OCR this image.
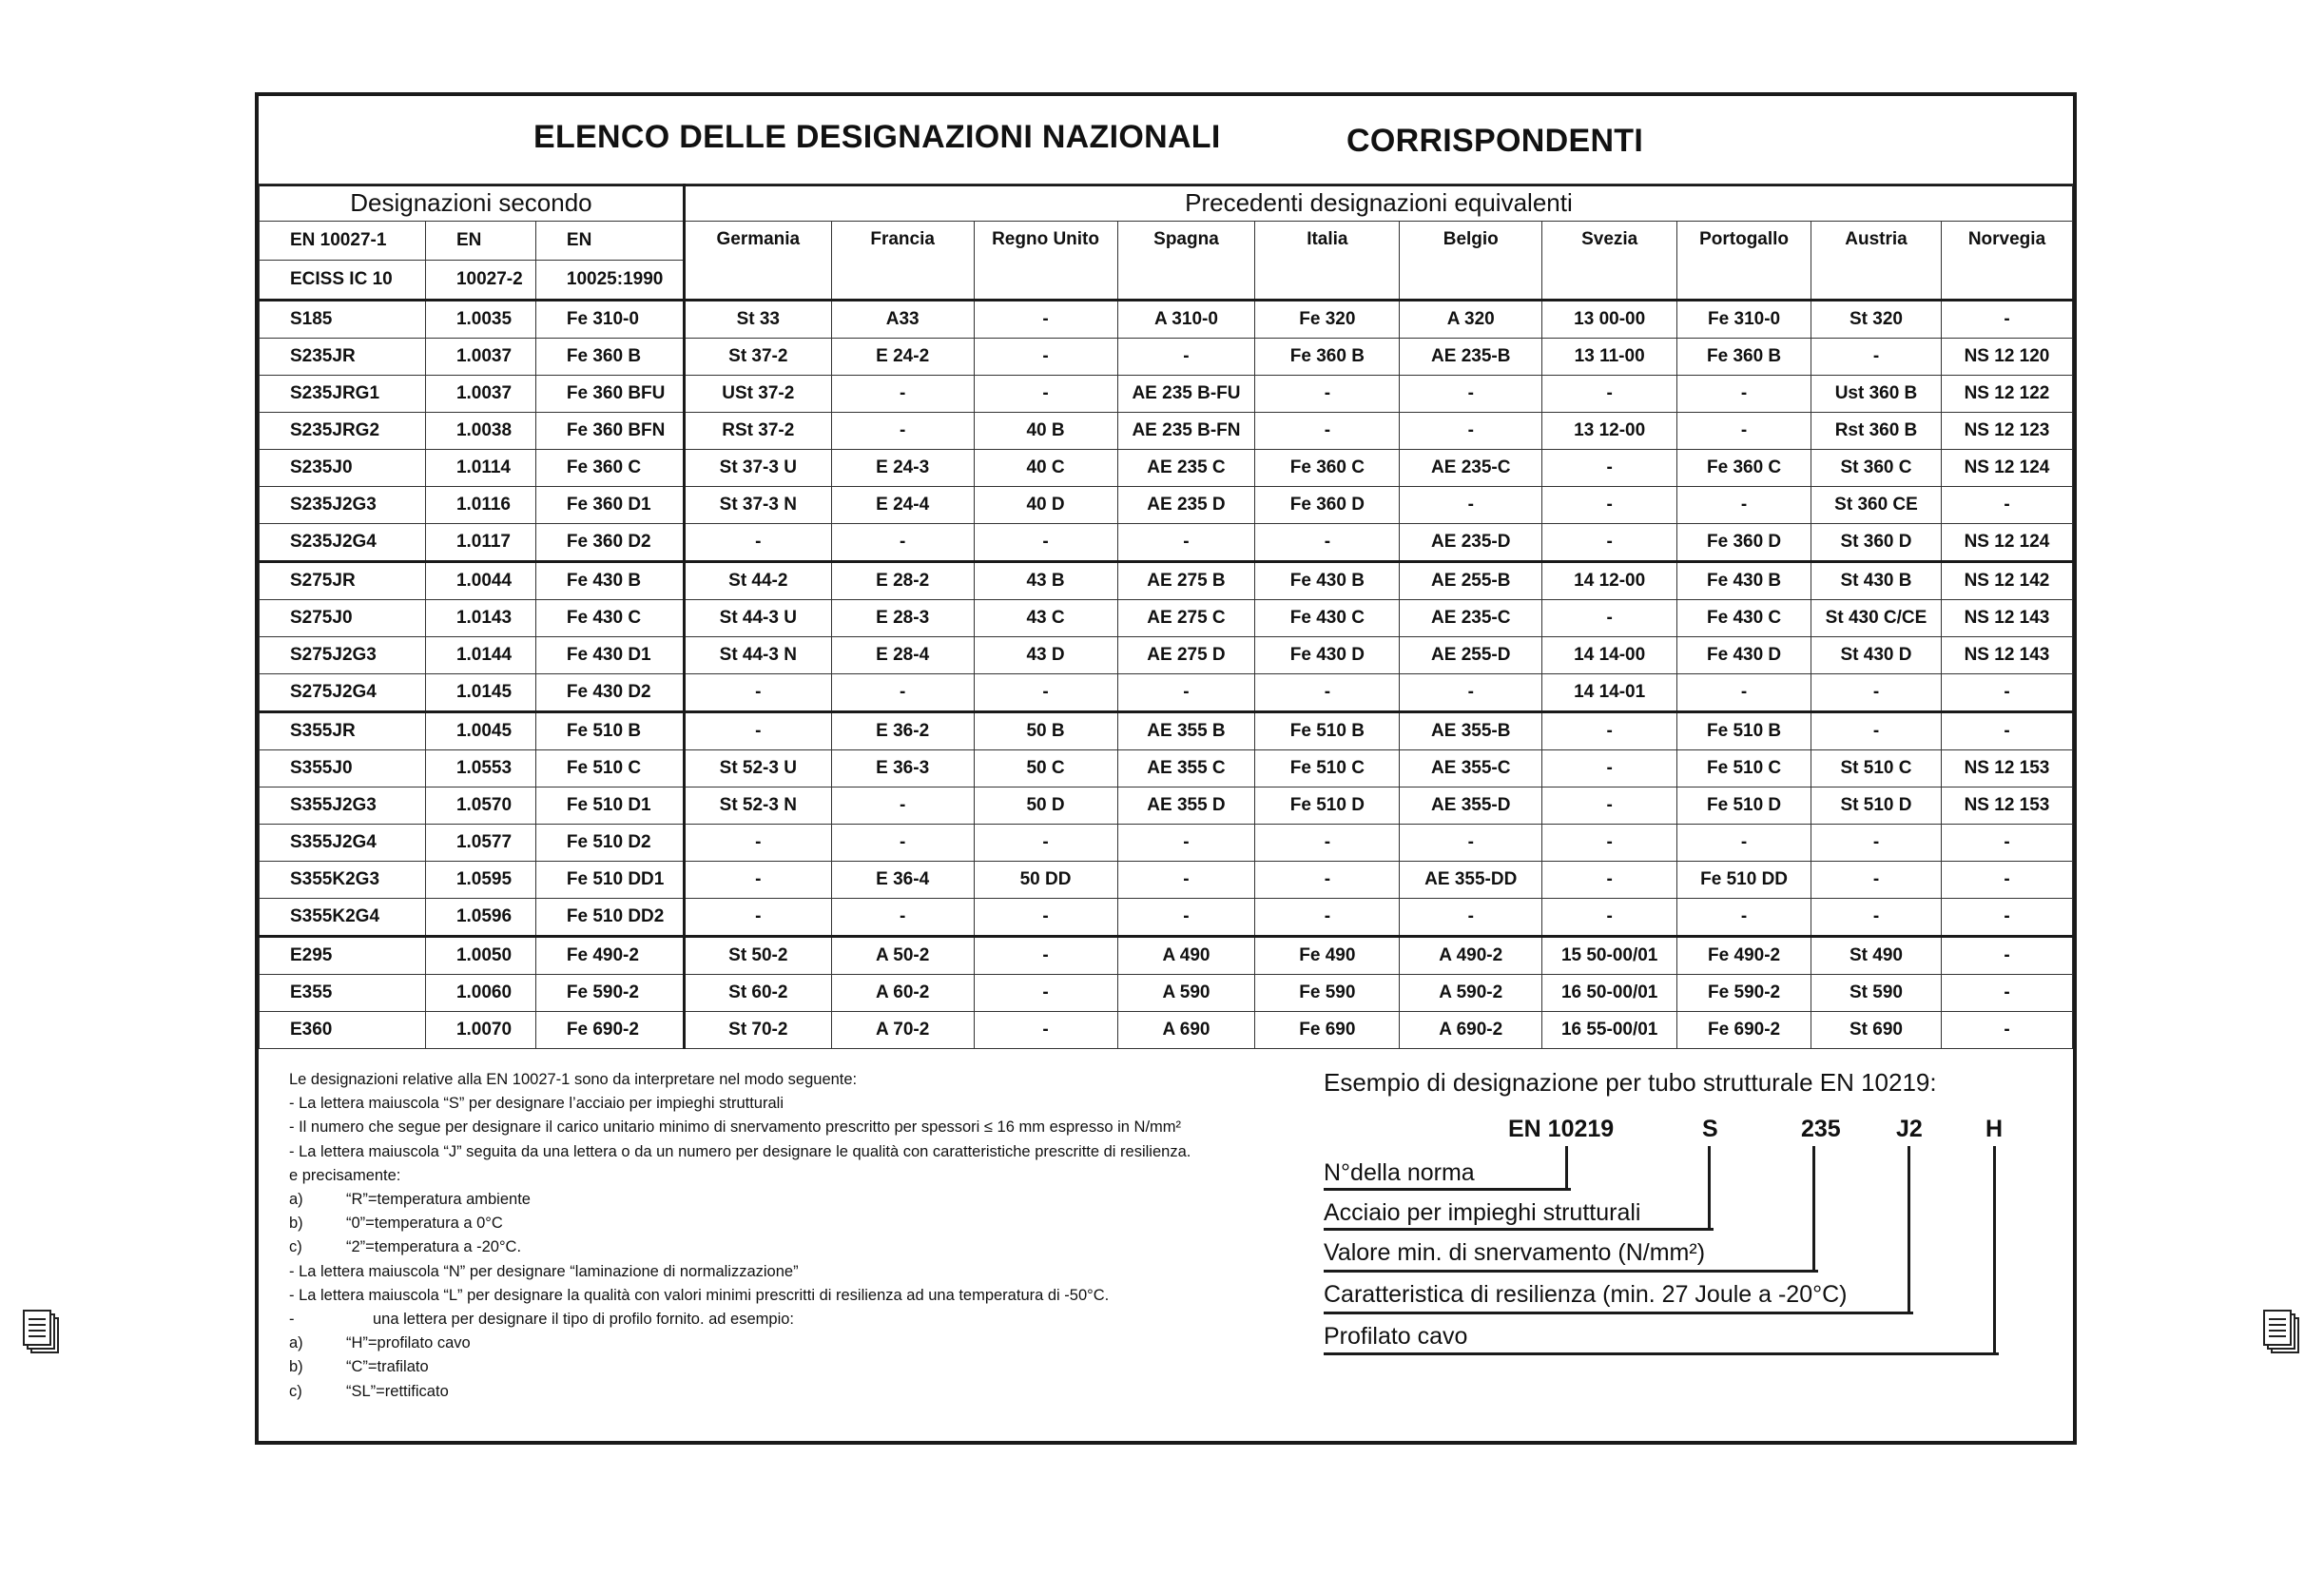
ELENCO DELLE DESIGNAZIONI NAZIONALI	CORRISPONDENTI
Designazioni secondo			Precedenti designazioni equivalenti									
EN 10027-1	EN	EN	Germania	Francia	Regno Unito	Spagna	Italia	Belgio	Svezia	Portogallo	Austria	Norvegia
ECISS IC 10	10027-2	10025:1990										
S185	1.0035	Fe 310-0	St 33	A33	-	A 310-0	Fe 320	A 320	13 00-00	Fe 310-0	St 320	-
S235JR	1.0037	Fe 360 B	St 37-2	E 24-2	-	-	Fe 360 B	AE 235-B	13 11-00	Fe 360 B	-	NS 12 120
S235JRG1	1.0037	Fe 360 BFU	USt 37-2	-	-	AE 235 B-FU	-	-	-	-	Ust 360 B	NS 12 122
S235JRG2	1.0038	Fe 360 BFN	RSt 37-2	-	40 B	AE 235 B-FN	-	-	13 12-00	-	Rst 360 B	NS 12 123
S235J0	1.0114	Fe 360 C	St 37-3 U	E 24-3	40 C	AE 235 C	Fe 360 C	AE 235-C	-	Fe 360 C	St 360 C	NS 12 124
S235J2G3	1.0116	Fe 360 D1	St 37-3 N	E 24-4	40 D	AE 235 D	Fe 360 D	-	-	-	St 360 CE	-
S235J2G4	1.0117	Fe 360 D2	-	-	-	-	-	AE 235-D	-	Fe 360 D	St 360 D	NS 12 124
S275JR	1.0044	Fe 430 B	St 44-2	E 28-2	43 B	AE 275 B	Fe 430 B	AE 255-B	14 12-00	Fe 430 B	St 430 B	NS 12 142
S275J0	1.0143	Fe 430 C	St 44-3 U	E 28-3	43 C	AE 275 C	Fe 430 C	AE 235-C	-	Fe 430 C	St 430 C/CE	NS 12 143
S275J2G3	1.0144	Fe 430 D1	St 44-3 N	E 28-4	43 D	AE 275 D	Fe 430 D	AE 255-D	14 14-00	Fe 430 D	St 430 D	NS 12 143
S275J2G4	1.0145	Fe 430 D2	-	-	-	-	-	-	14 14-01	-	-	-
S355JR	1.0045	Fe 510 B	-	E 36-2	50 B	AE 355 B	Fe 510 B	AE 355-B	-	Fe 510 B	-	-
S355J0	1.0553	Fe 510 C	St 52-3 U	E 36-3	50 C	AE 355 C	Fe 510 C	AE 355-C	-	Fe 510 C	St 510 C	NS 12 153
S355J2G3	1.0570	Fe 510 D1	St 52-3 N	-	50 D	AE 355 D	Fe 510 D	AE 355-D	-	Fe 510 D	St 510 D	NS 12 153
S355J2G4	1.0577	Fe 510 D2	-	-	-	-	-	-	-	-	-	-
S355K2G3	1.0595	Fe 510 DD1	-	E 36-4	50 DD	-	-	AE 355-DD	-	Fe 510 DD	-	-
S355K2G4	1.0596	Fe 510 DD2	-	-	-	-	-	-	-	-	-	-
E295	1.0050	Fe 490-2	St 50-2	A 50-2	-	A 490	Fe 490	A 490-2	15 50-00/01	Fe 490-2	St 490	-
E355	1.0060	Fe 590-2	St 60-2	A 60-2	-	A 590	Fe 590	A 590-2	16 50-00/01	Fe 590-2	St 590	-
E360	1.0070	Fe 690-2	St 70-2	A 70-2	-	A 690	Fe 690	A 690-2	16 55-00/01	Fe 690-2	St 690	-
Le designazioni relative alla EN 10027-1 sono da interpretare nel modo seguente:
- La lettera maiuscola “S” per designare l’acciaio per impieghi strutturali
- Il numero che segue per designare il carico unitario minimo di snervamento prescritto per spessori ≤ 16 mm espresso in N/mm²
- La lettera maiuscola “J” seguita da una lettera o da un numero per designare le qualità con caratteristiche prescritte di resilienza.
e precisamente:
a)	“R”=temperatura ambiente
b)	“0”=temperatura a 0°C
c)	“2”=temperatura a -20°C.
- La lettera maiuscola “N” per designare “laminazione di normalizzazione”
- La lettera maiuscola “L” per designare la qualità con valori minimi prescritti di resilienza ad una temperatura di -50°C.
-	una lettera per designare il tipo di profilo fornito. ad esempio:
a)	“H”=profilato cavo
b)	“C”=trafilato
c)	“SL”=rettificato
Esempio di designazione per tubo strutturale EN 10219:
EN 10219	S	235 J2	H
N°della norma
Acciaio per impieghi strutturali
Valore min. di snervamento (N/mm²)
Caratteristica di resilienza (min. 27 Joule a -20°C)
Profilato cavo
